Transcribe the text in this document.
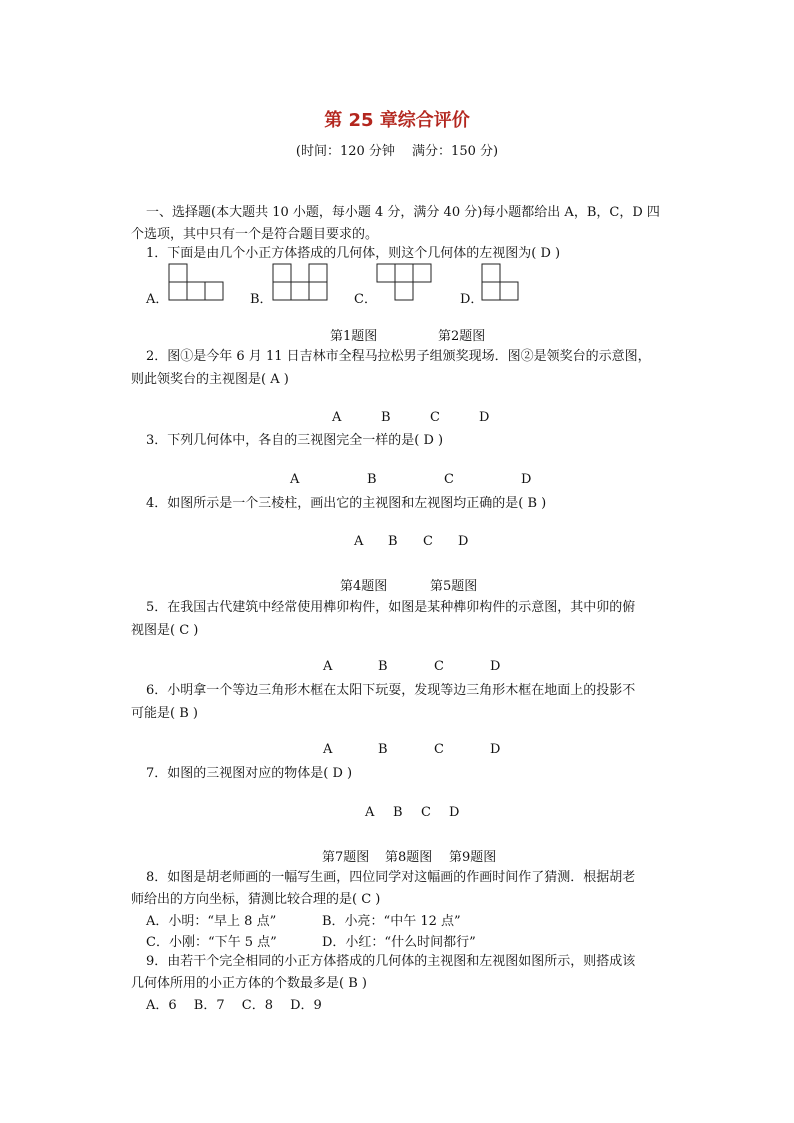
第 25 章综合评价
(时间：120 分钟　 满分：150 分)
一、选择题(本大题共 10 小题，每小题 4 分，满分 40 分)每小题都给出 A，B，C，D 四
个选项，其中只有一个是符合题目要求的。
1．下面是由几个小正方体搭成的几何体，则这个几何体的左视图为( D )
A．	B．	C．	D．
第1题图	第2题图
2．图①是今年 6 月 11 日吉林市全程马拉松男子组颁奖现场．图②是领奖台的示意图，
则此领奖台的主视图是( A )
A	B	C	D
3．下列几何体中，各自的三视图完全一样的是( D )
A	B	C	D
4．如图所示是一个三棱柱，画出它的主视图和左视图均正确的是( B )
A B C D
第4题图	第5题图
5．在我国古代建筑中经常使用榫卯构件，如图是某种榫卯构件的示意图，其中卯的俯
视图是( C )
A	B	C	D
6．小明拿一个等边三角形木框在太阳下玩耍，发现等边三角形木框在地面上的投影不
可能是( B )
A	B	C	D
7．如图的三视图对应的物体是( D )
A B C D
第7题图 第8题图 第9题图
8．如图是胡老师画的一幅写生画，四位同学对这幅画的作画时间作了猜测．根据胡老
师给出的方向坐标，猜测比较合理的是( C )
A．小明：“早上 8 点”	B．小亮：“中午 12 点”
C．小刚：“下午 5 点”	D．小红：“什么时间都行”
9．由若干个完全相同的小正方体搭成的几何体的主视图和左视图如图所示，则搭成该
几何体所用的小正方体的个数最多是( B )
A．6　 B．7　 C．8　 D．9
